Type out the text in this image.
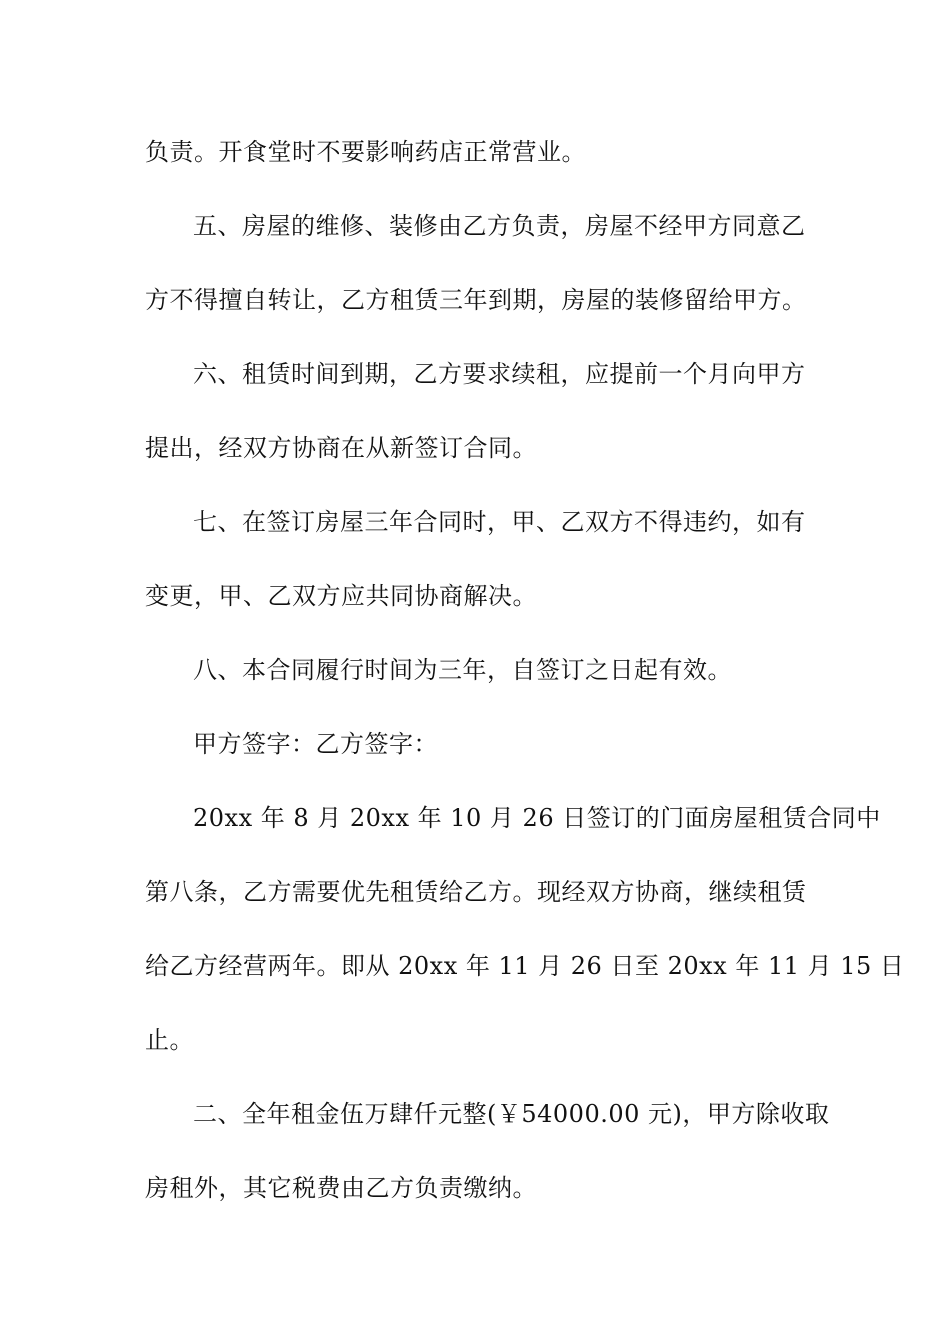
负责。开食堂时不要影响药店正常营业。
五、房屋的维修、装修由乙方负责，房屋不经甲方同意乙
方不得擅自转让，乙方租赁三年到期，房屋的装修留给甲方。
六、租赁时间到期，乙方要求续租，应提前一个月向甲方
提出，经双方协商在从新签订合同。
七、在签订房屋三年合同时，甲、乙双方不得违约，如有
变更，甲、乙双方应共同协商解决。
八、本合同履行时间为三年，自签订之日起有效。
甲方签字：乙方签字：
20xx 年 8 月 20xx 年 10 月 26 日签订的门面房屋租赁合同中
第八条，乙方需要优先租赁给乙方。现经双方协商，继续租赁
给乙方经营两年。即从 20xx 年 11 月 26 日至 20xx 年 11 月 15 日
止。
二、全年租金伍万肆仟元整(￥54000.00 元)，甲方除收取
房租外，其它税费由乙方负责缴纳。
